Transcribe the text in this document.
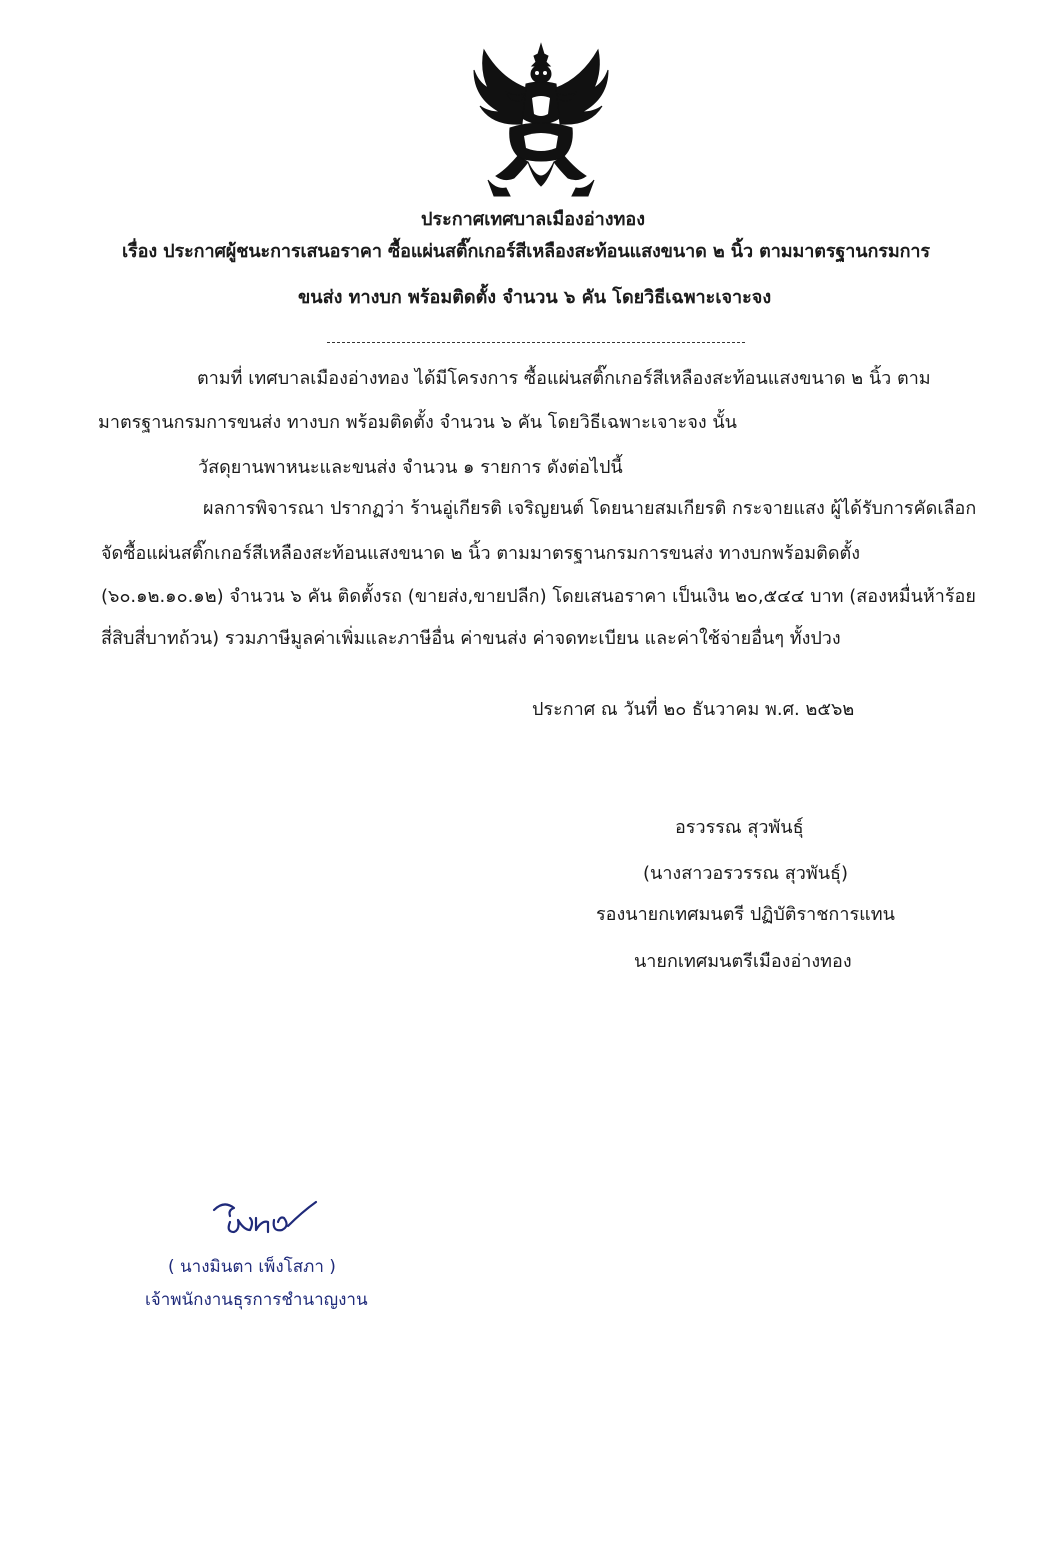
ประกาศเทศบาลเมืองอ่างทอง
เรื่อง ประกาศผู้ชนะการเสนอราคา ซื้อแผ่นสติ๊กเกอร์สีเหลืองสะท้อนแสงขนาด ๒ นิ้ว ตามมาตรฐานกรมการ
ขนส่ง ทางบก พร้อมติดตั้ง จำนวน ๖ คัน โดยวิธีเฉพาะเจาะจง
ตามที่ เทศบาลเมืองอ่างทอง ได้มีโครงการ ซื้อแผ่นสติ๊กเกอร์สีเหลืองสะท้อนแสงขนาด ๒ นิ้ว ตาม
มาตรฐานกรมการขนส่ง ทางบก พร้อมติดตั้ง จำนวน ๖ คัน โดยวิธีเฉพาะเจาะจง นั้น
วัสดุยานพาหนะและขนส่ง จำนวน ๑ รายการ ดังต่อไปนี้
ผลการพิจารณา ปรากฏว่า ร้านอู่เกียรติ เจริญยนต์ โดยนายสมเกียรติ กระจายแสง ผู้ได้รับการคัดเลือก
จัดซื้อแผ่นสติ๊กเกอร์สีเหลืองสะท้อนแสงขนาด ๒ นิ้ว ตามมาตรฐานกรมการขนส่ง ทางบกพร้อมติดตั้ง
(๖๐.๑๒.๑๐.๑๒) จำนวน ๖ คัน ติดตั้งรถ (ขายส่ง,ขายปลีก) โดยเสนอราคา เป็นเงิน ๒๐,๕๔๔ บาท (สองหมื่นห้าร้อย
สี่สิบสี่บาทถ้วน) รวมภาษีมูลค่าเพิ่มและภาษีอื่น ค่าขนส่ง ค่าจดทะเบียน และค่าใช้จ่ายอื่นๆ ทั้งปวง
ประกาศ ณ วันที่ ๒๐ ธันวาคม พ.ศ. ๒๕๖๒
อรวรรณ สุวพันธุ์
(นางสาวอรวรรณ สุวพันธุ์)
รองนายกเทศมนตรี ปฏิบัติราชการแทน
นายกเทศมนตรีเมืองอ่างทอง
( นางมินตา เพ็งโสภา )
เจ้าพนักงานธุรการชำนาญงาน
